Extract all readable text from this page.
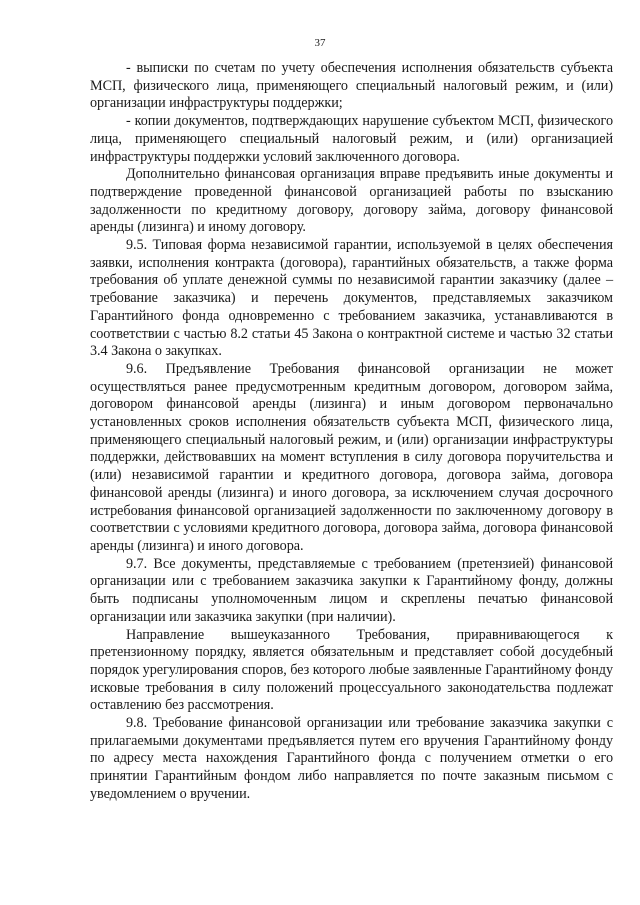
37

- выписки по счетам по учету обеспечения исполнения обязательств субъекта МСП, физического лица, применяющего специальный налоговый режим, и (или) организации инфраструктуры поддержки;

- копии документов, подтверждающих нарушение субъектом МСП, физического лица, применяющего специальный налоговый режим, и (или) организацией инфраструктуры поддержки условий заключенного договора.

Дополнительно финансовая организация вправе предъявить иные документы и подтверждение проведенной финансовой организацией работы по взысканию задолженности по кредитному договору, договору займа, договору финансовой аренды (лизинга) и иному договору.

9.5. Типовая форма независимой гарантии, используемой в целях обеспечения заявки, исполнения контракта (договора), гарантийных обязательств, а также форма требования об уплате денежной суммы по независимой гарантии заказчику (далее – требование заказчика) и перечень документов, представляемых заказчиком Гарантийного фонда одновременно с требованием заказчика, устанавливаются в соответствии с частью 8.2 статьи 45 Закона о контрактной системе и частью 32 статьи 3.4 Закона о закупках.

9.6. Предъявление Требования финансовой организации не может осуществляться ранее предусмотренным кредитным договором, договором займа, договором финансовой аренды (лизинга) и иным договором первоначально установленных сроков исполнения обязательств субъекта МСП, физического лица, применяющего специальный налоговый режим, и (или) организации инфраструктуры поддержки, действовавших на момент вступления в силу договора поручительства и (или) независимой гарантии и кредитного договора, договора займа, договора финансовой аренды (лизинга) и иного договора, за исключением случая досрочного истребования финансовой организацией задолженности по заключенному договору в соответствии с условиями кредитного договора, договора займа, договора финансовой аренды (лизинга) и иного договора.

9.7. Все документы, представляемые с требованием (претензией) финансовой организации или с требованием заказчика закупки к Гарантийному фонду, должны быть подписаны уполномоченным лицом и скреплены печатью финансовой организации или заказчика закупки (при наличии).

Направление вышеуказанного Требования, приравнивающегося к претензионному порядку, является обязательным и представляет собой досудебный порядок урегулирования споров, без которого любые заявленные Гарантийному фонду исковые требования в силу положений процессуального законодательства подлежат оставлению без рассмотрения.

9.8. Требование финансовой организации или требование заказчика закупки с прилагаемыми документами предъявляется путем его вручения Гарантийному фонду по адресу места нахождения Гарантийного фонда с получением отметки о его принятии Гарантийным фондом либо направляется по почте заказным письмом с уведомлением о вручении.
